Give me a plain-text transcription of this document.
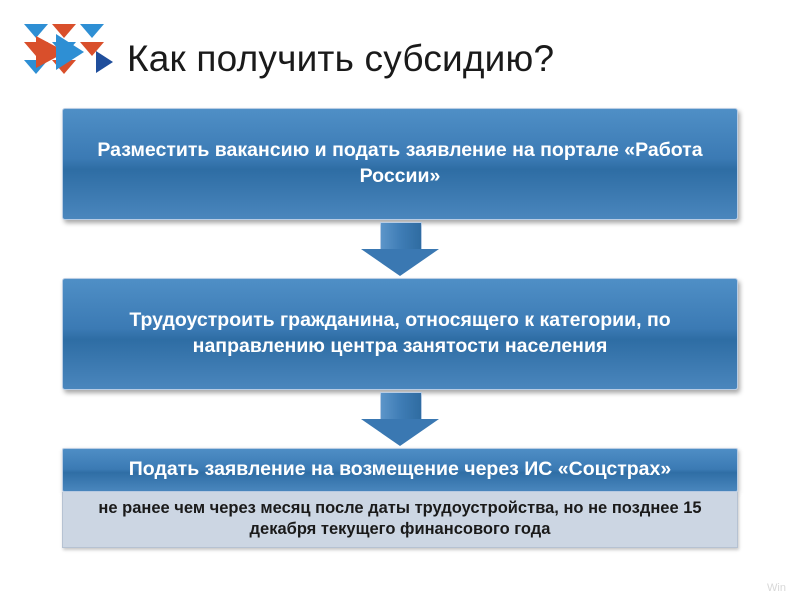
Как получить субсидию?
Разместить вакансию и подать заявление на портале «Работа России»
Трудоустроить гражданина, относящего к категории, по направлению центра занятости населения
Подать заявление на возмещение через ИС «Соцстрах»
не ранее чем через месяц после даты трудоустройства, но не позднее 15 декабря текущего финансового года
Win
